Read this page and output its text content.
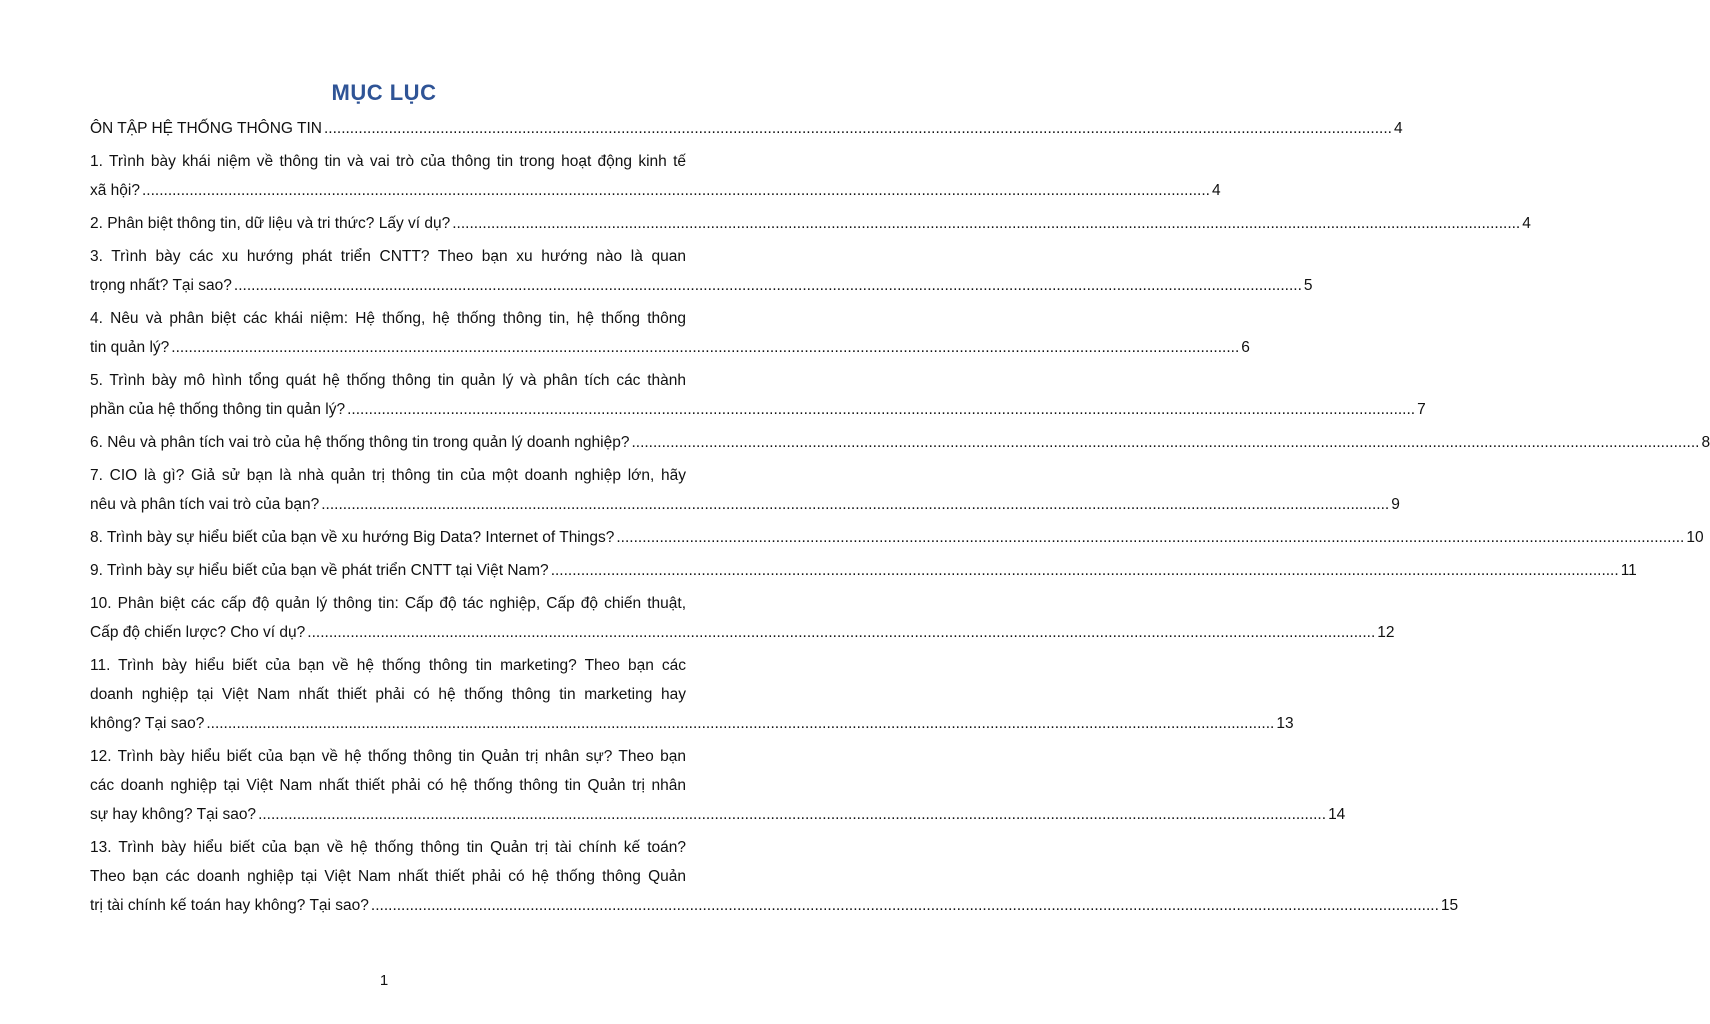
MỤC LỤC
ÔN TẬP HỆ THỐNG THÔNG TIN .....	4
1. Trình bày khái niệm về thông tin và vai trò của thông tin trong hoạt động kinh tế
xã hội? .....	4
2. Phân biệt thông tin, dữ liệu và tri thức? Lấy ví dụ? .....	4
3. Trình bày các xu hướng phát triển CNTT? Theo bạn xu hướng nào là quan
trọng nhất? Tại sao? .....	5
4. Nêu và phân biệt các khái niệm: Hệ thống, hệ thống thông tin, hệ thống thông
tin quản lý? .....	6
5. Trình bày mô hình tổng quát hệ thống thông tin quản lý và phân tích các thành
phần của hệ thống thông tin quản lý? .....	7
6. Nêu và phân tích vai trò của hệ thống thông tin trong quản lý doanh nghiệp? .....	8
7. CIO là gì? Giả sử bạn là nhà quản trị thông tin của một doanh nghiệp lớn, hãy
nêu và phân tích vai trò của bạn? .....	9
8. Trình bày sự hiểu biết của bạn về xu hướng Big Data? Internet of Things? .....	10
9. Trình bày sự hiểu biết của bạn về phát triển CNTT tại Việt Nam? .....	11
10. Phân biệt các cấp độ quản lý thông tin: Cấp độ tác nghiệp, Cấp độ chiến thuật,
Cấp độ chiến lược? Cho ví dụ? .....	12
11. Trình bày hiểu biết của bạn về hệ thống thông tin marketing? Theo bạn các
doanh nghiệp tại Việt Nam nhất thiết phải có hệ thống thông tin marketing hay
không? Tại sao? .....	13
12. Trình bày hiểu biết của bạn về hệ thống thông tin Quản trị nhân sự? Theo bạn
các doanh nghiệp tại Việt Nam nhất thiết phải có hệ thống thông tin Quản trị nhân
sự hay không? Tại sao? .....	14
13. Trình bày hiểu biết của bạn về hệ thống thông tin Quản trị tài chính kế toán?
Theo bạn các doanh nghiệp tại Việt Nam nhất thiết phải có hệ thống thông Quản
trị tài chính kế toán hay không? Tại sao? .....	15
1
